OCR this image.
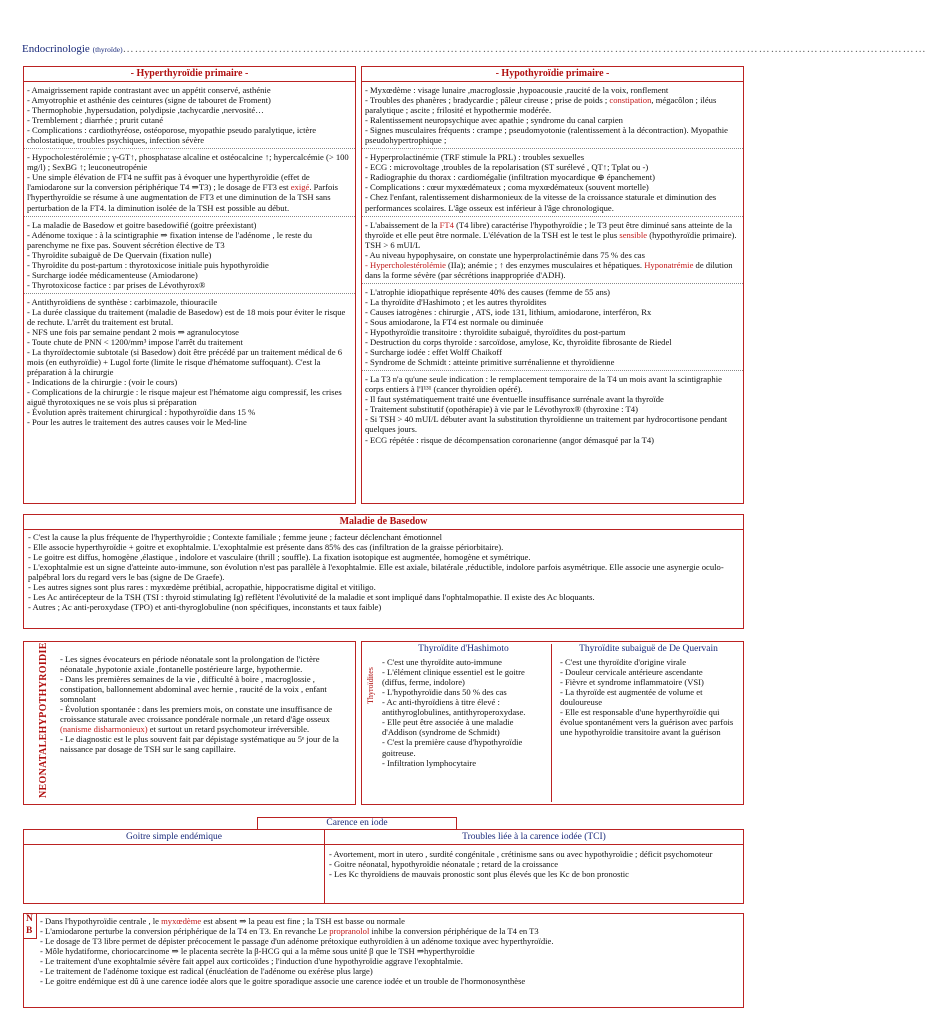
Endocrinologie (thyroïde)…………………………………………………………………………………………………………………………………………………………………………………
- Hyperthyroïdie primaire -
- Amaigrissement rapide contrastant avec un appétit conservé, asthénie
- Amyotrophie et asthénie des ceintures (signe de tabouret de Froment)
- Thermophobie ,hypersudation, polydipsie ,tachycardie ,nervosité…
- Tremblement ; diarrhée ; prurit cutané
- Complications : cardiothyréose, ostéoporose, myopathie pseudo paralytique, ictère cholostatique, troubles psychiques, infection sévère
- Hypocholestérolémie ; γ-GT↑, phosphatase alcaline et ostéocalcine ↑; hypercalcémie (> 100 mg/l) ; SexBG ↑; leuconeutropénie
- Une simple élévation de FT4 ne suffit pas à évoquer une hyperthyroïdie (effet de l'amiodarone sur la conversion périphérique T4 ⇒T3) ; le dosage de FT3 est exigé. Parfois l'hyperthyroïdie se résume à une augmentation de FT3 et une diminution de la TSH sans perturbation de la FT4. la diminution isolée de la TSH est possible au début.
- La maladie de Basedow et goitre basedowifié (goitre préexistant)
- Adénome toxique : à la scintigraphie ⇒ fixation intense de l'adénome , le reste du parenchyme ne fixe pas. Souvent sécrétion élective de T3
- Thyroïdite subaiguë de De Quervain (fixation nulle)
- Thyroïdite du post-partum : thyrotoxicose initiale puis hypothyroïdie
- Surcharge iodée médicamenteuse (Amiodarone)
- Thyrotoxicose factice : par prises de Lévothyrox®
- Antithyroïdiens de synthèse : carbimazole, thiouracile
- La durée classique du traitement (maladie de Basedow) est de 18 mois pour éviter le risque de rechute. L'arrêt du traitement est brutal.
- NFS une fois par semaine pendant 2 mois ⇒ agranulocytose
- Toute chute de PNN < 1200/mm³ impose l'arrêt du traitement
- La thyroïdectomie subtotale (si Basedow) doit être précédé par un traitement médical de 6 mois (en euthyroïdie) + Lugol forte (limite le risque d'hématome suffoquant). C'est la préparation à la chirurgie
- Indications de la chirurgie : (voir le cours)
- Complications de la chirurgie : le risque majeur est l'hématome aigu compressif, les crises aiguë thyrotoxiques ne se vois plus si préparation
- Évolution après traitement chirurgical : hypothyroïdie dans 15 %
- Pour les autres le traitement des autres causes voir le Med-line
- Hypothyroïdie primaire -
- Myxœdème : visage lunaire ,macroglossie ,hypoacousie ,raucité de la voix, ronflement
- Troubles des phanères ; bradycardie ; pâleur cireuse ; prise de poids ; constipation, mégacôlon ; iléus paralytique ; ascite ; frilosité et hypothermie modérée.
- Ralentissement neuropsychique avec apathie ; syndrome du canal carpien
- Signes musculaires fréquents : crampe ; pseudomyotonie (ralentissement à la décontraction). Myopathie pseudohypertrophique ;
- Hyperprolactinémie (TRF stimule la PRL) : troubles sexuelles
- ECG : microvoltage ,troubles de la repolarisation (ST surélevé , QT↑; Tplat ou -)
- Radiographie du thorax : cardiomégalie (infiltration myocardique ⊕ épanchement)
- Complications : cœur myxœdémateux ; coma myxœdémateux (souvent mortelle)
- Chez l'enfant, ralentissement disharmonieux de la vitesse de la croissance staturale et diminution des performances scolaires. L'âge osseux est inférieur à l'âge chronologique.
- L'abaissement de la FT4 (T4 libre) caractérise l'hypothyroïdie ; le T3 peut être diminué sans atteinte de la thyroïde et elle peut être normale. L'élévation de la TSH est le test le plus sensible (hypothyroïdie primaire). TSH > 6 mUI/L
- Au niveau hypophysaire, on constate une hyperprolactinémie dans 75 % des cas
- Hypercholestérolémie (IIa); anémie ; ↑ des enzymes musculaires et hépatiques. Hyponatrémie de dilution dans la forme sévère (par sécrétions inappropriée d'ADH).
- L'atrophie idiopathique représente 40% des causes (femme de 55 ans)
- La thyroïdite d'Hashimoto ; et les autres thyroïdites
- Causes iatrogènes : chirurgie , ATS, iode 131, lithium, amiodarone, interféron, Rx
- Sous amiodarone, la FT4 est normale ou diminuée
- Hypothyroïdie transitoire : thyroïdite subaiguë, thyroïdites du post-partum
- Destruction du corps thyroïde : sarcoïdose, amylose, Kc, thyroïdite fibrosante de Riedel
- Surcharge iodée : effet Wolff Chaikoff
- Syndrome de Schmidt : atteinte primitive surrénalienne et thyroïdienne
- La T3 n'a qu'une seule indication : le remplacement temporaire de la T4 un mois avant la scintigraphie corps entiers à l'I¹³¹ (cancer thyroïdien opéré).
- Il faut systématiquement traité une éventuelle insuffisance surrénale avant la thyroïde
- Traitement substitutif (opothérapie) à vie par le Lévothyrox® (thyroxine : T4)
- Si TSH > 40 mUI/L débuter avant la substitution thyroïdienne un traitement par hydrocortisone pendant quelques jours.
- ECG répétée : risque de décompensation coronarienne (angor démasqué par la T4)
Maladie de Basedow
- C'est la cause la plus fréquente de l'hyperthyroïdie ; Contexte familiale ; femme jeune ; facteur déclenchant émotionnel
- Elle associe hyperthyroïdie + goitre et exophtalmie. L'exophtalmie est présente dans 85% des cas (infiltration de la graisse périorbitaire).
- Le goitre est diffus, homogène ,élastique , indolore et vasculaire (thrill ; souffle). La fixation isotopique est augmentée, homogène et symétrique.
- L'exophtalmie est un signe d'atteinte auto-immune, son évolution n'est pas parallèle à l'exophtalmie. Elle est axiale, bilatérale ,réductible, indolore parfois asymétrique. Elle associe une asynergie oculo-palpébral lors du regard vers le bas (signe de De Graefe).
- Les autres signes sont plus rares : myxœdème prétibial, acropathie, hippocratisme digital et vitiligo.
- Les Ac antirécepteur de la TSH (TSI : thyroid stimulating Ig) reflètent l'évolutivité de la maladie et sont impliqué dans l'ophtalmopathie. Il existe des Ac bloquants.
- Autres ; Ac anti-peroxydase (TPO) et anti-thyroglobuline (non spécifiques, inconstants et taux faible)
NEONATALEHYPOTHYROIDIE - Les signes évocateurs en période néonatale sont la prolongation de l'ictère néonatale ,hypotonie axiale ,fontanelle postérieure large, hypothermie.
- Dans les premières semaines de la vie , difficulté à boire , macroglossie , constipation, ballonnement abdominal avec hernie , raucité de la voix , enfant somnolant
- Évolution spontanée : dans les premiers mois, on constate une insuffisance de croissance staturale avec croissance pondérale normale ,un retard d'âge osseux (nanisme disharmonieux) et surtout un retard psychomoteur irréversible.
- Le diagnostic est le plus souvent fait par dépistage systématique au 5ᵉ jour de la naissance par dosage de TSH sur le sang capillaire.
Thyroïdites
Thyroïdite d'Hashimoto
- C'est une thyroïdite auto-immune
- L'élément clinique essentiel est le goitre (diffus, ferme, indolore)
- L'hypothyroïdie dans 50 % des cas
- Ac anti-thyroïdiens à titre élevé : antithyroglobulines, antithyroperoxydase.
- Elle peut être associée à une maladie d'Addison (syndrome de Schmidt)
- C'est la première cause d'hypothyroïdie goitreuse.
- Infiltration lymphocytaire
Thyroïdite subaiguë de De Quervain
- C'est une thyroïdite d'origine virale
- Douleur cervicale antérieure ascendante
- Fièvre et syndrome inflammatoire (VSI)
- La thyroïde est augmentée de volume et douloureuse
- Elle est responsable d'une hyperthyroïdie qui évolue spontanément vers la guérison avec parfois une hypothyroïdie transitoire avant la guérison
Carence en iode
Goitre simple endémique	Troubles liée à la carence iodée (TCI)
- Avortement, mort in utero , surdité congénitale , crétinisme sans ou avec hypothyroïdie ; déficit psychomoteur
- Goitre néonatal, hypothyroïdie néonatale ; retard de la croissance
- Les Kc thyroïdiens de mauvais pronostic sont plus élevés que les Kc de bon pronostic
N
B
- Dans l'hypothyroïdie centrale , le myxœdème est absent ⇒ la peau est fine ; la TSH est basse ou normale
- L'amiodarone perturbe la conversion périphérique de la T4 en T3. En revanche Le propranolol inhibe la conversion périphérique de la T4 en T3
- Le dosage de T3 libre permet de dépister précocement le passage d'un adénome prétoxique euthyroïdien à un adénome toxique avec hyperthyroïdie.
- Môle hydatiforme, choriocarcinome ⇒ le placenta secrète la β-HCG qui a la même sous unité β que le TSH ⇒hyperthyroïdie
- Le traitement d'une exophtalmie sévère fait appel aux corticoïdes ; l'induction d'une hypothyroïdie aggrave l'exophtalmie.
- Le traitement de l'adénome toxique est radical (énucléation de l'adénome ou exérèse plus large)
- Le goitre endémique est dû à une carence iodée alors que le goitre sporadique associe une carence iodée et un trouble de l'hormonosynthèse
